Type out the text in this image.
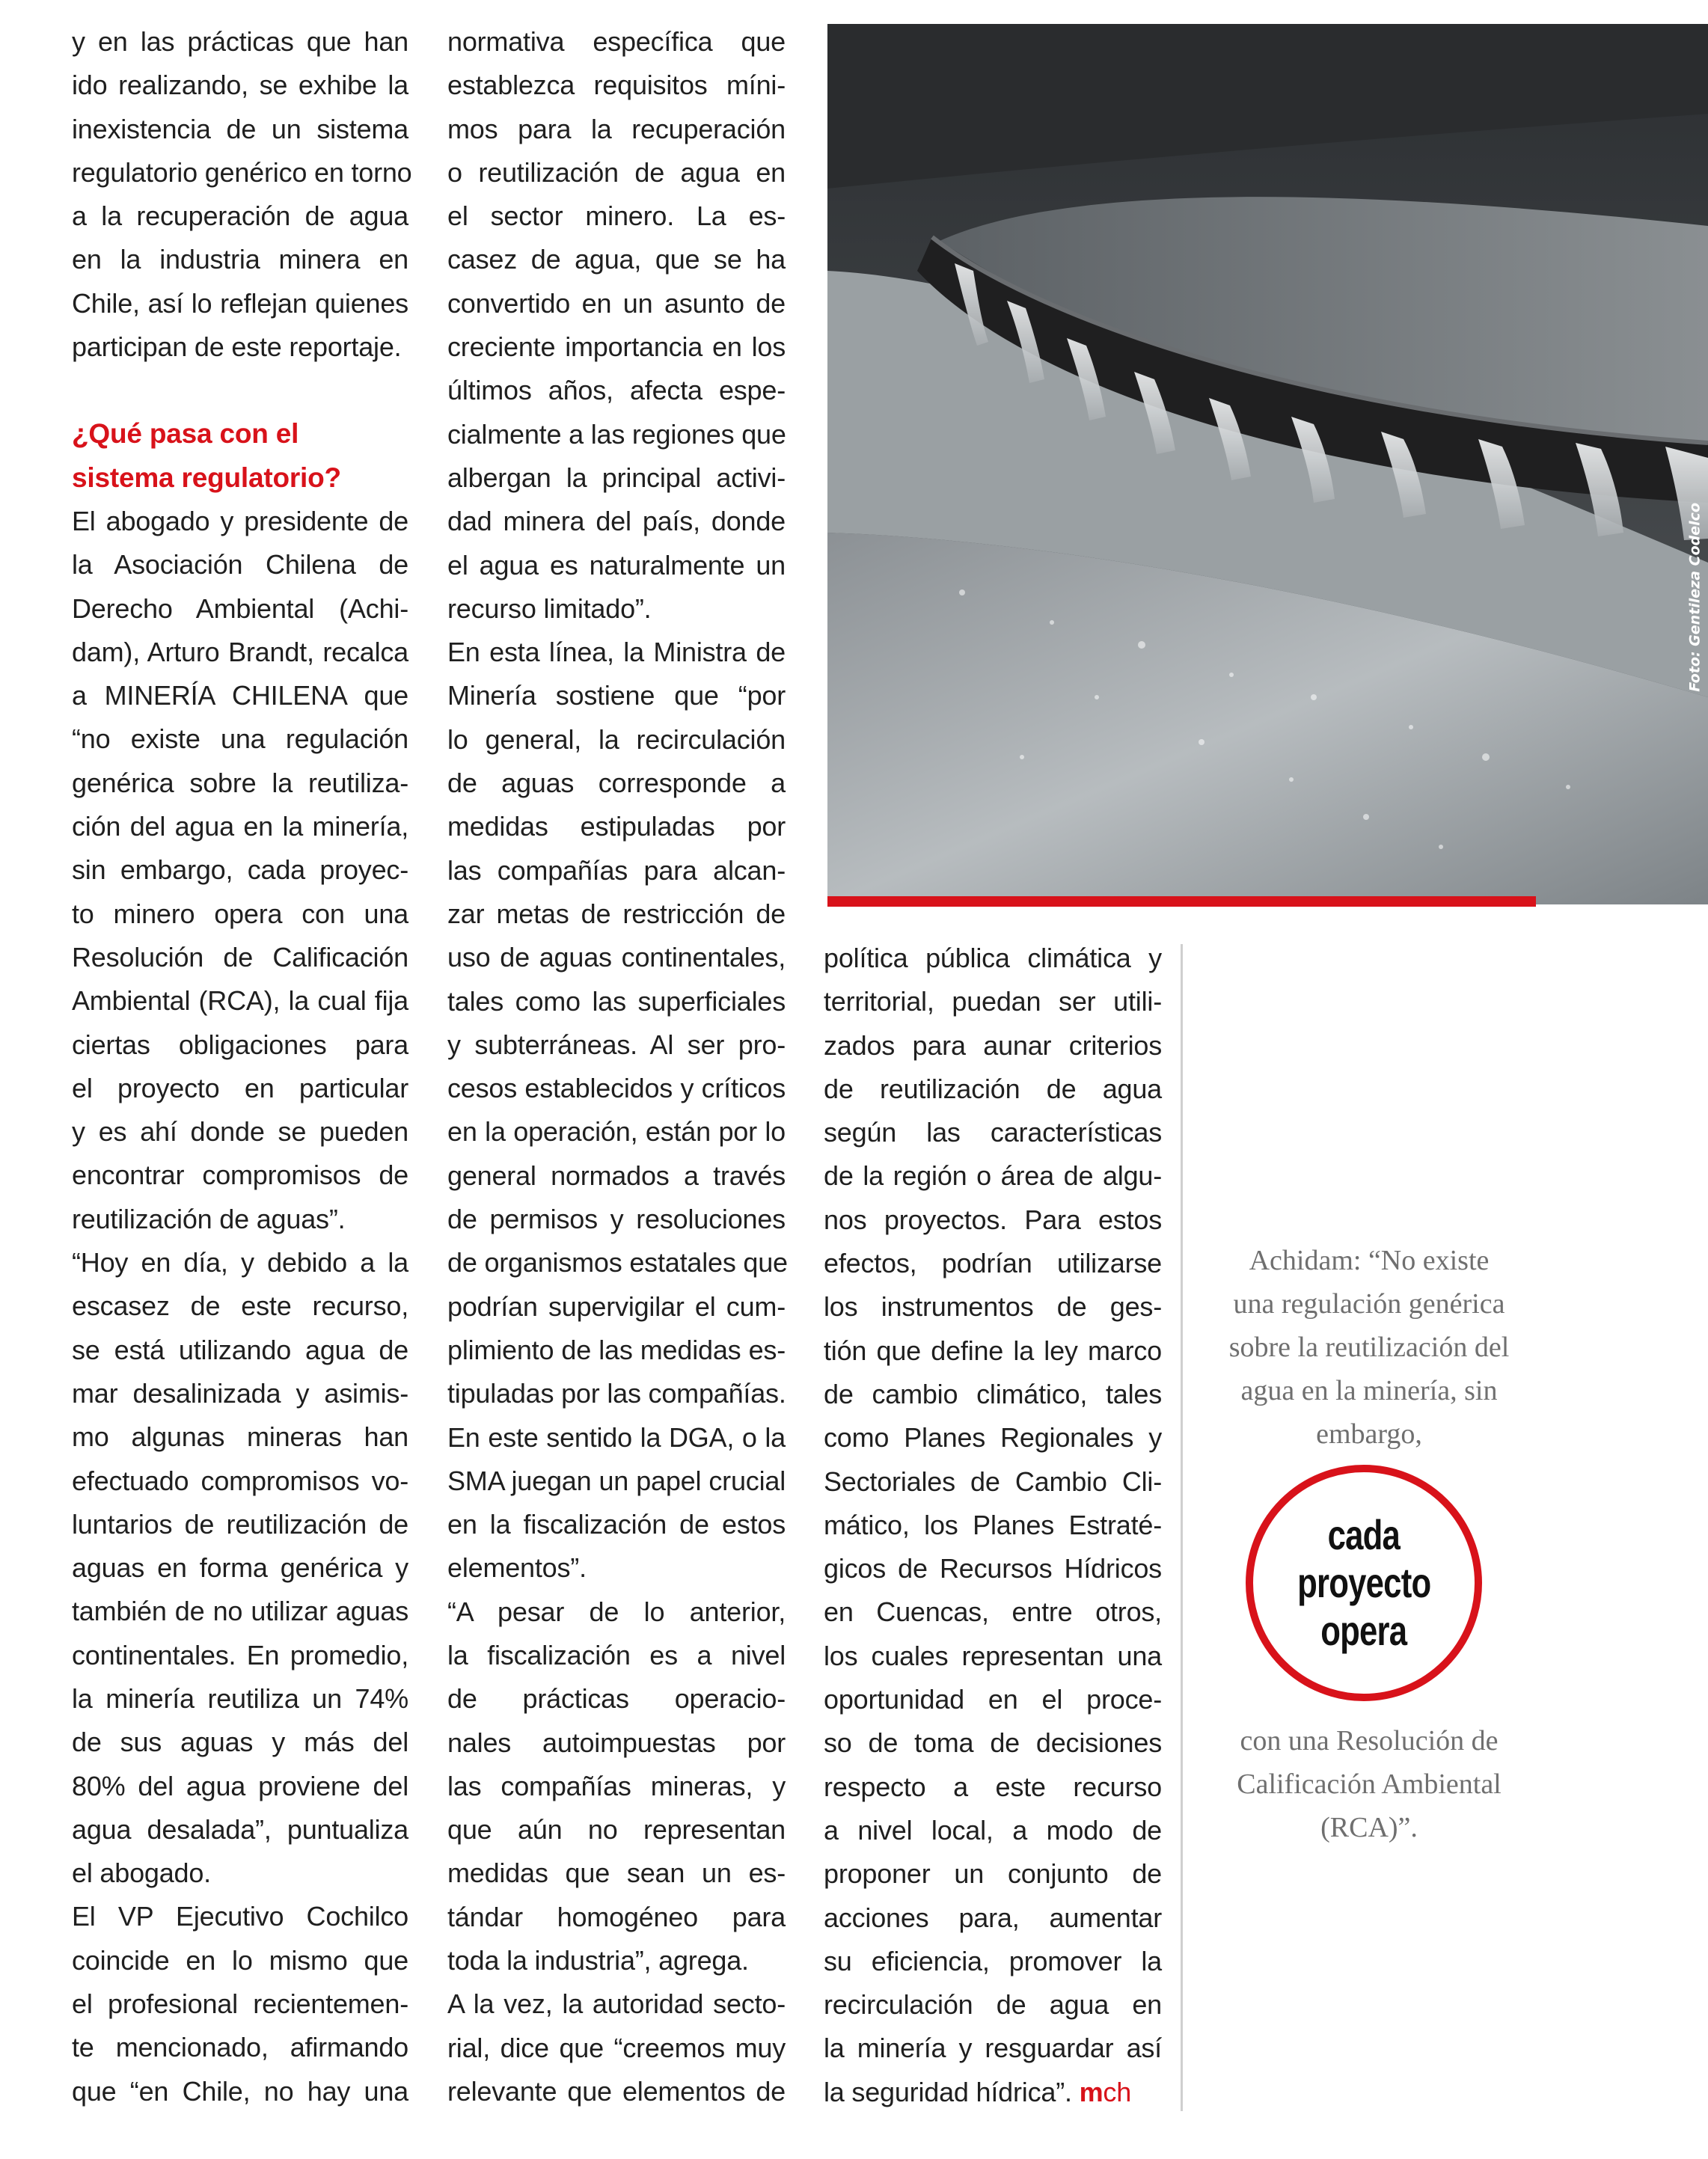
y en las prácticas que han
ido realizando, se exhibe la
inexistencia de un sistema
regulatorio genérico en torno
a la recuperación de agua
en la industria minera en
Chile, así lo reflejan quienes
participan de este reportaje.
¿Qué pasa con el
sistema regulatorio?
El abogado y presidente de
la Asociación Chilena de
Derecho Ambiental (Achi-
dam), Arturo Brandt, recalca
a MINERÍA CHILENA que
“no existe una regulación
genérica sobre la reutiliza-
ción del agua en la minería,
sin embargo, cada proyec-
to minero opera con una
Resolución de Calificación
Ambiental (RCA), la cual fija
ciertas obligaciones para
el proyecto en particular
y es ahí donde se pueden
encontrar compromisos de
reutilización de aguas”.
“Hoy en día, y debido a la
escasez de este recurso,
se está utilizando agua de
mar desalinizada y asimis-
mo algunas mineras han
efectuado compromisos vo-
luntarios de reutilización de
aguas en forma genérica y
también de no utilizar aguas
continentales. En promedio,
la minería reutiliza un 74%
de sus aguas y más del
80% del agua proviene del
agua desalada”, puntualiza
el abogado.
El VP Ejecutivo Cochilco
coincide en lo mismo que
el profesional recientemen-
te mencionado, afirmando
que “en Chile, no hay una
normativa específica que
establezca requisitos míni-
mos para la recuperación
o reutilización de agua en
el sector minero. La es-
casez de agua, que se ha
convertido en un asunto de
creciente importancia en los
últimos años, afecta espe-
cialmente a las regiones que
albergan la principal activi-
dad minera del país, donde
el agua es naturalmente un
recurso limitado”.
En esta línea, la Ministra de
Minería sostiene que “por
lo general, la recirculación
de aguas corresponde a
medidas estipuladas por
las compañías para alcan-
zar metas de restricción de
uso de aguas continentales,
tales como las superficiales
y subterráneas. Al ser pro-
cesos establecidos y críticos
en la operación, están por lo
general normados a través
de permisos y resoluciones
de organismos estatales que
podrían supervigilar el cum-
plimiento de las medidas es-
tipuladas por las compañías.
En este sentido la DGA, o la
SMA juegan un papel crucial
en la fiscalización de estos
elementos”.
“A pesar de lo anterior,
la fiscalización es a nivel
de prácticas operacio-
nales autoimpuestas por
las compañías mineras, y
que aún no representan
medidas que sean un es-
tándar homogéneo para
toda la industria”, agrega.
A la vez, la autoridad secto-
rial, dice que “creemos muy
relevante que elementos de
Foto: Gentileza Codelco
política pública climática y
territorial, puedan ser utili-
zados para aunar criterios
de reutilización de agua
según las características
de la región o área de algu-
nos proyectos. Para estos
efectos, podrían utilizarse
los instrumentos de ges-
tión que define la ley marco
de cambio climático, tales
como Planes Regionales y
Sectoriales de Cambio Cli-
mático, los Planes Estraté-
gicos de Recursos Hídricos
en Cuencas, entre otros,
los cuales representan una
oportunidad en el proce-
so de toma de decisiones
respecto a este recurso
a nivel local, a modo de
proponer un conjunto de
acciones para, aumentar
su eficiencia, promover la
recirculación de agua en
la minería y resguardar así
la seguridad hídrica”. mch
Achidam: “No existe
una regulación genérica
sobre la reutilización del
agua en la minería, sin
embargo,
cada
proyecto
opera
con una Resolución de
Calificación Ambiental
(RCA)”.
